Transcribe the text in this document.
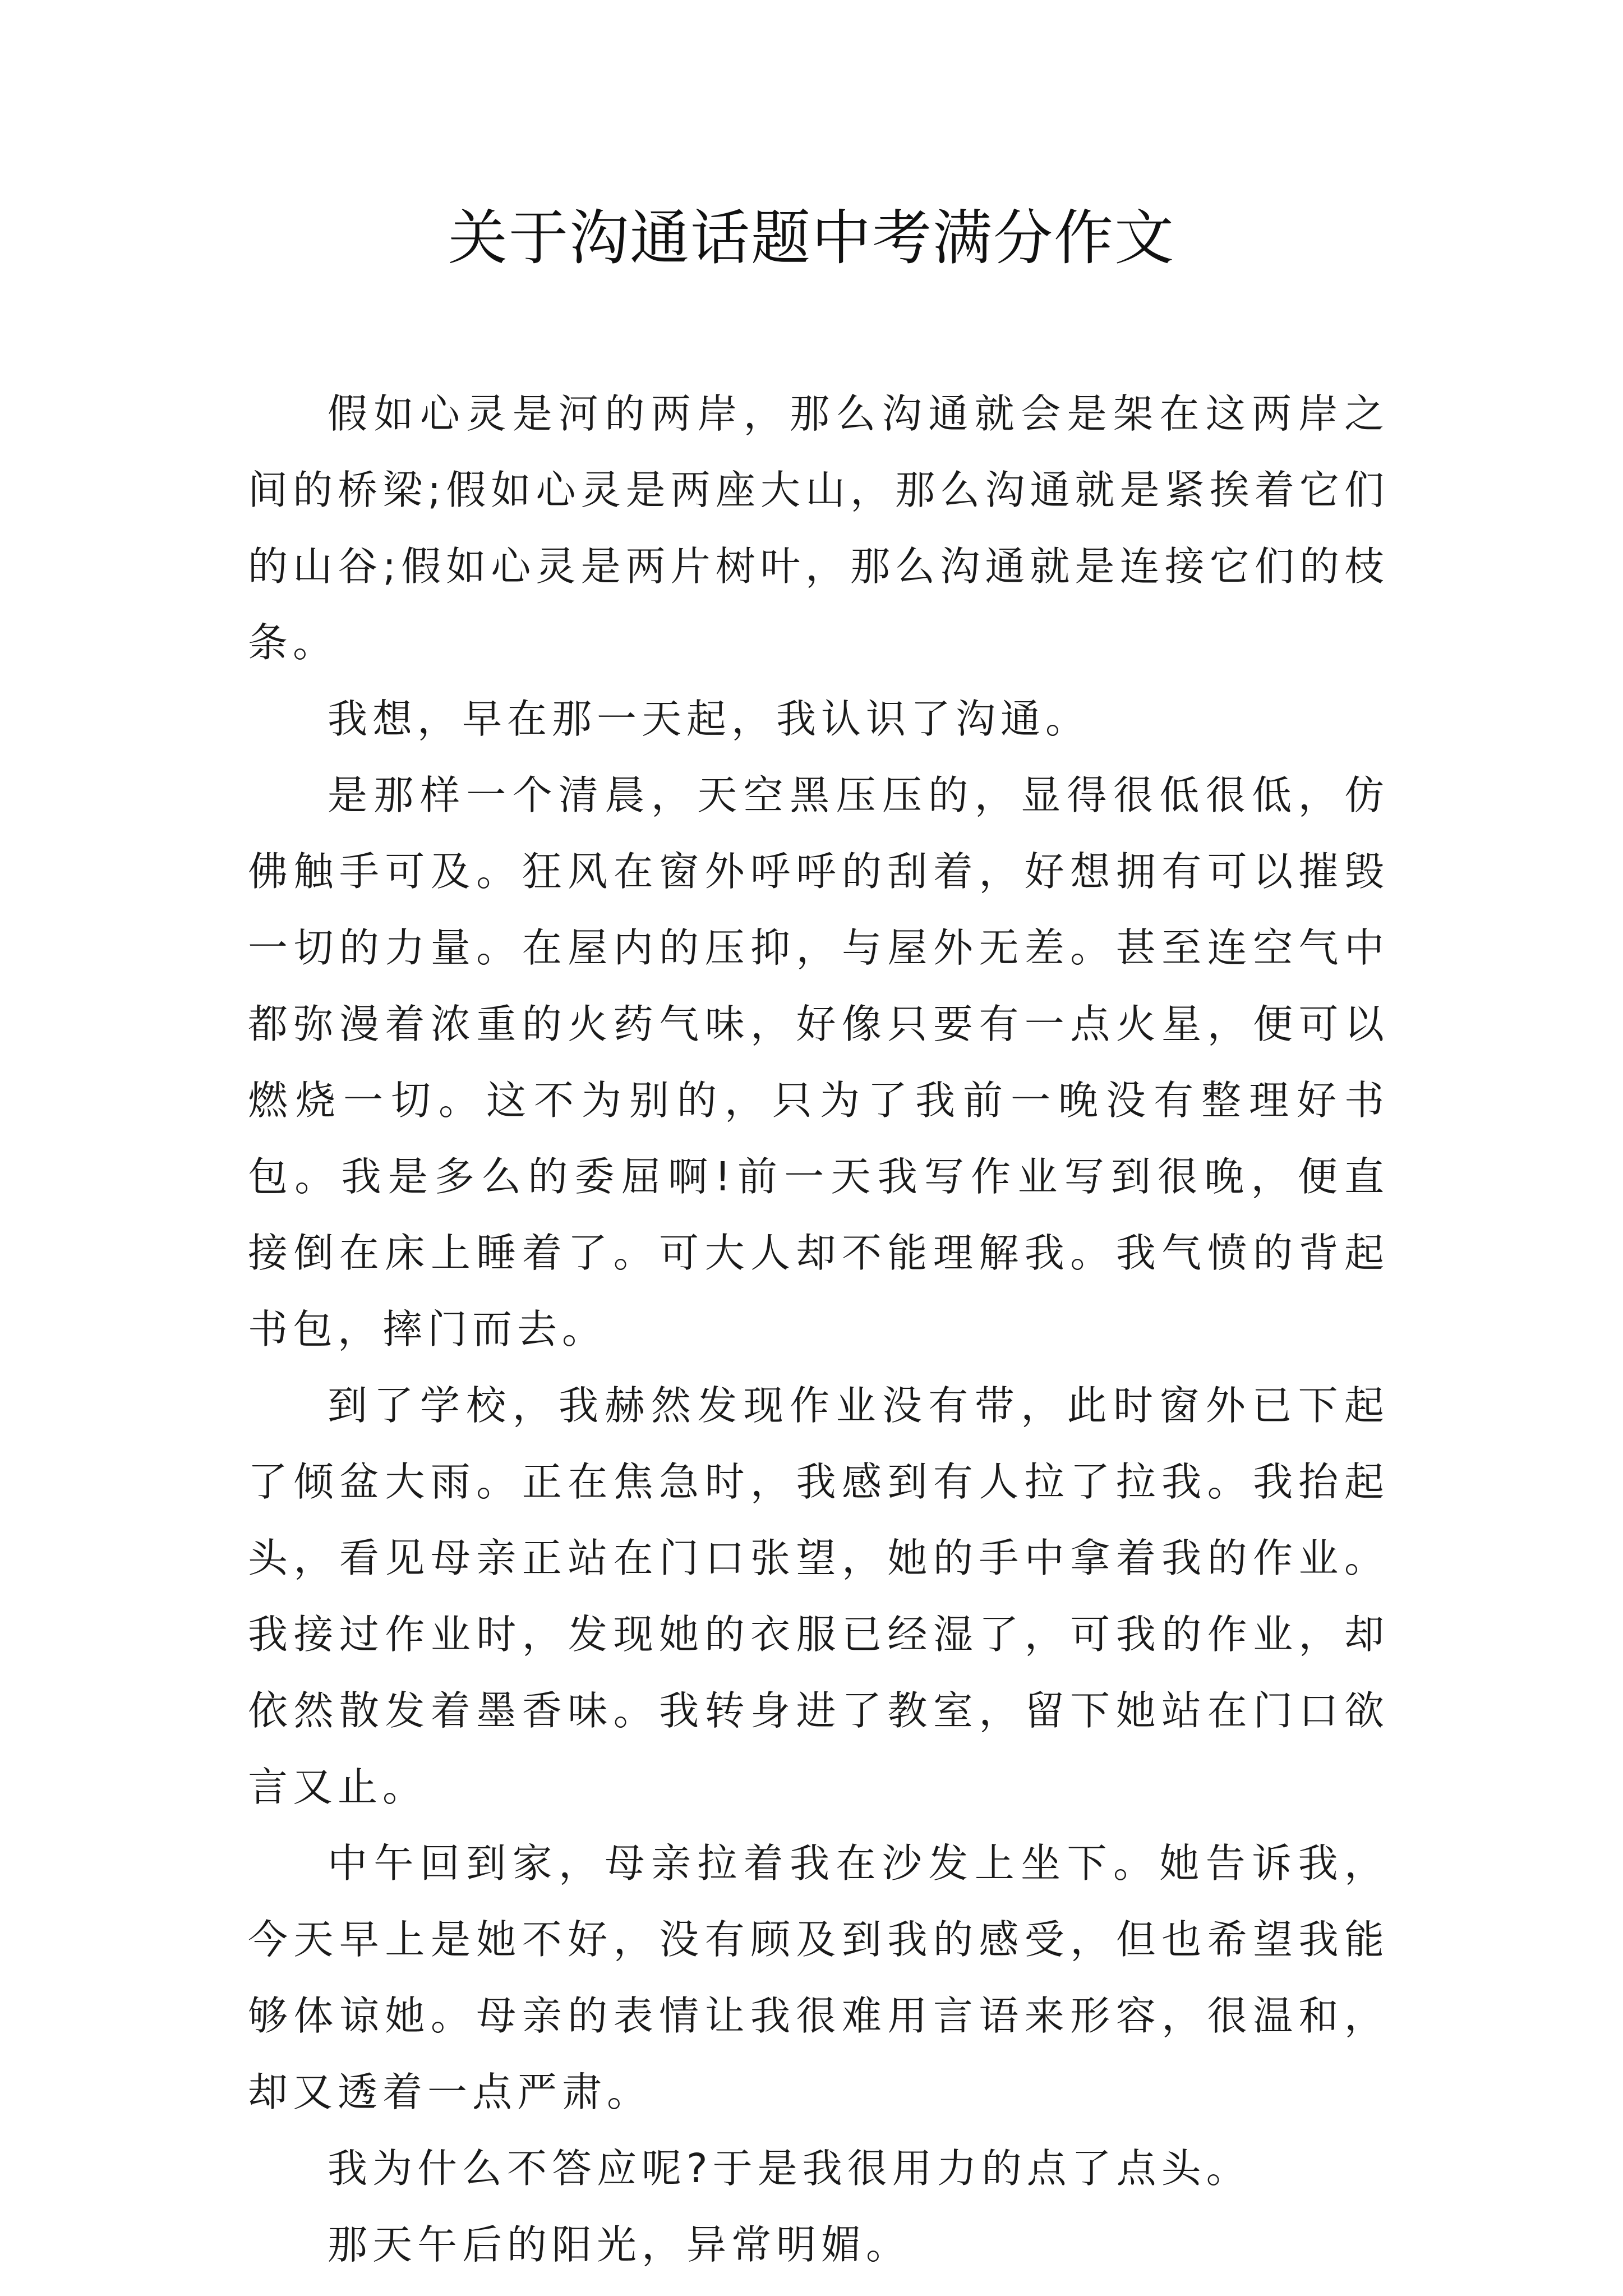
关于沟通话题中考满分作文

假如心灵是河的两岸，那么沟通就会是架在这两岸之间的桥梁;假如心灵是两座大山，那么沟通就是紧挨着它们的山谷;假如心灵是两片树叶，那么沟通就是连接它们的枝条。

我想，早在那一天起，我认识了沟通。

是那样一个清晨，天空黑压压的，显得很低很低，仿佛触手可及。狂风在窗外呼呼的刮着，好想拥有可以摧毁一切的力量。在屋内的压抑，与屋外无差。甚至连空气中都弥漫着浓重的火药气味，好像只要有一点火星，便可以燃烧一切。这不为别的，只为了我前一晚没有整理好书包。我是多么的委屈啊!前一天我写作业写到很晚，便直接倒在床上睡着了。可大人却不能理解我。我气愤的背起书包，摔门而去。

到了学校，我赫然发现作业没有带，此时窗外已下起了倾盆大雨。正在焦急时，我感到有人拉了拉我。我抬起头，看见母亲正站在门口张望，她的手中拿着我的作业。我接过作业时，发现她的衣服已经湿了，可我的作业，却依然散发着墨香味。我转身进了教室，留下她站在门口欲言又止。

中午回到家，母亲拉着我在沙发上坐下。她告诉我，今天早上是她不好，没有顾及到我的感受，但也希望我能够体谅她。母亲的表情让我很难用言语来形容，很温和，却又透着一点严肃。

我为什么不答应呢?于是我很用力的点了点头。

那天午后的阳光，异常明媚。
